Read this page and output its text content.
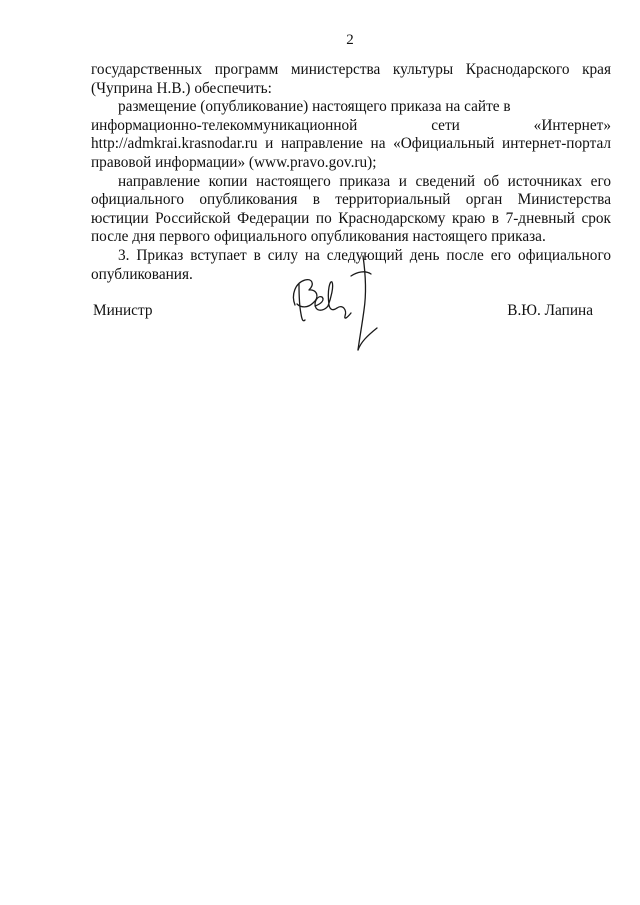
2

государственных программ министерства культуры Краснодарского края (Чуприна Н.В.) обеспечить:

размещение (опубликование) настоящего приказа на сайте в

информационно-телекоммуникационной сети «Интернет»
http://admkrai.krasnodar.ru и направление на «Официальный интернет-портал правовой информации» (www.pravo.gov.ru);

направление копии настоящего приказа и сведений об источниках его официального опубликования в территориальный орган Министерства юстиции Российской Федерации по Краснодарскому краю в 7-дневный срок после дня первого официального опубликования настоящего приказа.

3. Приказ вступает в силу на следующий день после его официального опубликования.

Министр	В.Ю. Лапина
